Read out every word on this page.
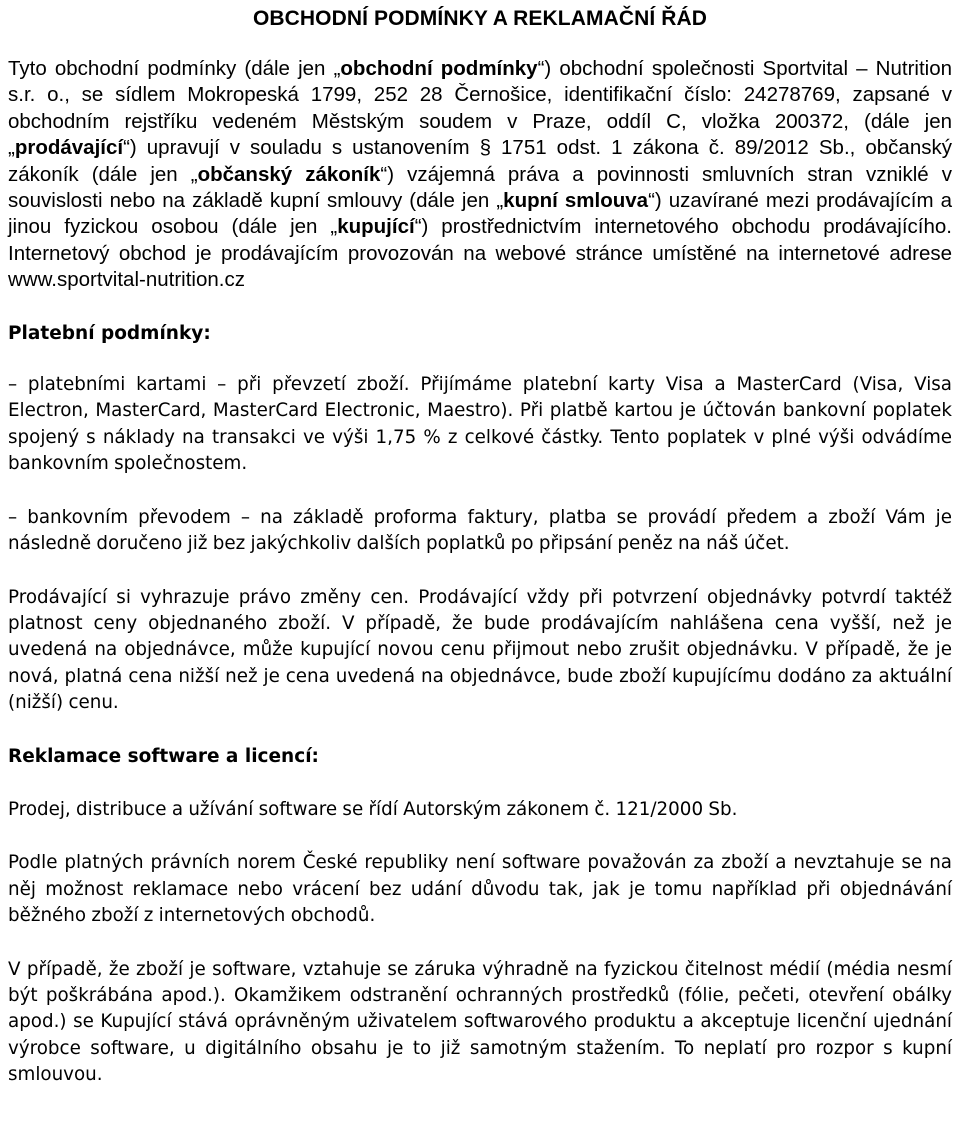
OBCHODNÍ PODMÍNKY A REKLAMAČNÍ ŘÁD

Tyto obchodní podmínky (dále jen „obchodní podmínky“) obchodní společnosti Sportvital – Nutrition s.r. o., se sídlem Mokropeská 1799, 252 28 Černošice, identifikační číslo: 24278769, zapsané v obchodním rejstříku vedeném Městským soudem v Praze, oddíl C, vložka 200372, (dále jen „prodávající“) upravují v souladu s ustanovením § 1751 odst. 1 zákona č. 89/2012 Sb., občanský zákoník (dále jen „občanský zákoník“) vzájemná práva a povinnosti smluvních stran vzniklé v souvislosti nebo na základě kupní smlouvy (dále jen „kupní smlouva“) uzavírané mezi prodávajícím a jinou fyzickou osobou (dále jen „kupující“) prostřednictvím internetového obchodu prodávajícího. Internetový obchod je prodávajícím provozován na webové stránce umístěné na internetové adrese www.sportvital-nutrition.cz

Platební podmínky:

– platebními kartami – při převzetí zboží. Přijímáme platební karty Visa a MasterCard (Visa, Visa Electron, MasterCard, MasterCard Electronic, Maestro). Při platbě kartou je účtován bankovní poplatek spojený s náklady na transakci ve výši 1,75 % z celkové částky. Tento poplatek v plné výši odvádíme bankovním společnostem.

– bankovním převodem – na základě proforma faktury, platba se provádí předem a zboží Vám je následně doručeno již bez jakýchkoliv dalších poplatků po připsání peněz na náš účet.

Prodávající si vyhrazuje právo změny cen. Prodávající vždy při potvrzení objednávky potvrdí taktéž platnost ceny objednaného zboží. V případě, že bude prodávajícím nahlášena cena vyšší, než je uvedená na objednávce, může kupující novou cenu přijmout nebo zrušit objednávku. V případě, že je nová, platná cena nižší než je cena uvedená na objednávce, bude zboží kupujícímu dodáno za aktuální (nižší) cenu.

Reklamace software a licencí:

Prodej, distribuce a užívání software se řídí Autorským zákonem č. 121/2000 Sb.

Podle platných právních norem České republiky není software považován za zboží a nevztahuje se na něj možnost reklamace nebo vrácení bez udání důvodu tak, jak je tomu například při objednávání běžného zboží z internetových obchodů.

V případě, že zboží je software, vztahuje se záruka výhradně na fyzickou čitelnost médií (média nesmí být poškrábána apod.). Okamžikem odstranění ochranných prostředků (fólie, pečeti, otevření obálky apod.) se Kupující stává oprávněným uživatelem softwarového produktu a akceptuje licenční ujednání výrobce software, u digitálního obsahu je to již samotným stažením. To neplatí pro rozpor s kupní smlouvou.
